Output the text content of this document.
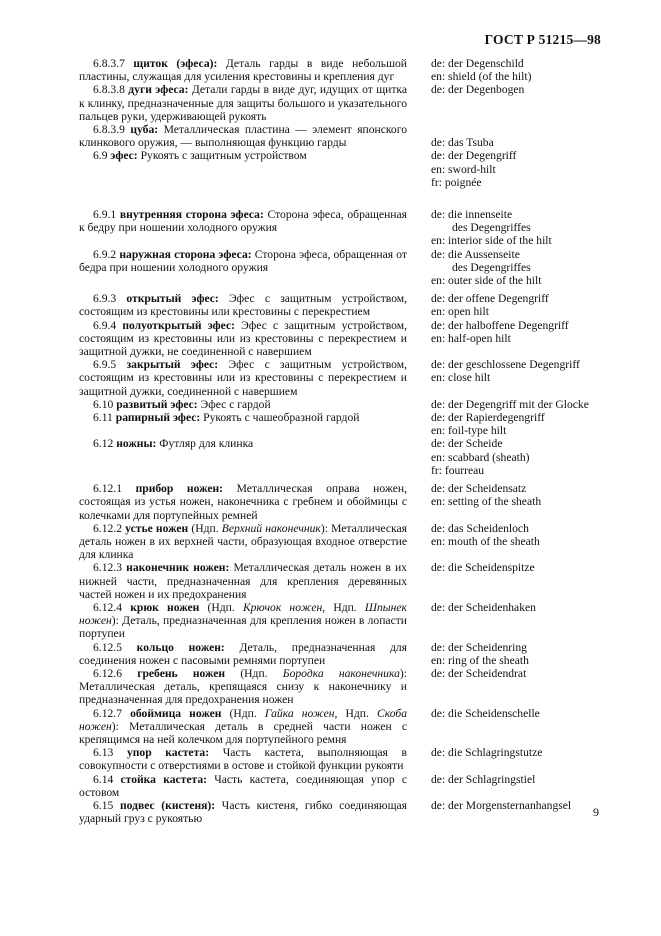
ГОСТ Р 51215—98

6.8.3.7 щиток (эфеса): Деталь гарды в виде небольшой пластины, служащая для усиления крестовины и крепления дуг

de: der Degenschild
en: shield (of the hilt)

6.8.3.8 дуги эфеса: Детали гарды в виде дуг, идущих от щитка к клинку, предназначенные для защиты большого и указательного пальцев руки, удерживающей рукоять

de: der Degenbogen

6.8.3.9 цуба: Металлическая пластина — элемент японского клинкового оружия, — выполняющая функцию гарды

	de: das Tsuba

6.9 эфес: Рукоять с защитным устройством	de: der Degengriff
en: sword-hilt
fr: poignée

6.9.1 внутренняя сторона эфеса: Сторона эфеса, обращенная к бедру при ношении холодного оружия

de: die innenseite
des Degengriffes
en: interior side of the hilt

6.9.2 наружная сторона эфеса: Сторона эфеса, обращенная от бедра при ношении холодного оружия

de: die Aussenseite
des Degengriffes
en: outer side of the hilt

6.9.3 открытый эфес: Эфес с защитным устройством, состоящим из крестовины или крестовины с перекрестием

de: der offene Degengriff
en: open hilt

6.9.4 полуоткрытый эфес: Эфес с защитным устройством, состоящим из крестовины или из крестовины с перекрестием и защитной дужки, не соединенной с навершием

de: der halboffene Degengriff
en: half-open hilt

6.9.5 закрытый эфес: Эфес с защитным устройством, состоящим из крестовины или из крестовины с перекрестием и защитной дужки, соединенной с навершием

de: der geschlossene Degengriff
en: close hilt

6.10 развитый эфес: Эфес с гардой	de: der Degengriff mit der Glocke

6.11 рапирный эфес: Рукоять с чашеобразной гардой	de: der Rapierdegengriff
en: foil-type hilt

6.12 ножны: Футляр для клинка	de: der Scheide
en: scabbard (sheath)
fr: fourreau

6.12.1 прибор ножен: Металлическая оправа ножен, состоящая из устья ножен, наконечника с гребнем и обоймицы с колечками для портупейных ремней

de: der Scheidensatz
en: setting of the sheath

6.12.2 устье ножен (Ндп. Верхний наконечник): Металлическая деталь ножен в их верхней части, образующая входное отверстие для клинка

de: das Scheidenloch
en: mouth of the sheath

6.12.3 наконечник ножен: Металлическая деталь ножен в их нижней части, предназначенная для крепления деревянных частей ножен и их предохранения

de: die Scheidenspitze

6.12.4 крюк ножен (Ндп. Крючок ножен, Ндп. Шпынек ножен): Деталь, предназначенная для крепления ножен в лопасти портупеи

de: der Scheidenhaken

6.12.5 кольцо ножен: Деталь, предназначенная для соединения ножен с пасовыми ремнями портупеи

de: der Scheidenring
en: ring of the sheath

6.12.6 гребень ножен (Ндп. Бородка наконечника): Металлическая деталь, крепящаяся снизу к наконечнику и предназначенная для предохранения ножен

de: der Scheidendrat

6.12.7 обоймица ножен (Ндп. Гайка ножен, Ндп. Скоба ножен): Металлическая деталь в средней части ножен с крепящимся на ней колечком для портупейного ремня

de: die Scheidenschelle

6.13 упор кастета: Часть кастета, выполняющая в совокупности с отверстиями в остове и стойкой функции рукояти

de: die Schlagringstutze

6.14 стойка кастета: Часть кастета, соединяющая упор с остовом

de: der Schlagringstiel

6.15 подвес (кистеня): Часть кистеня, гибко соединяющая ударный груз с рукоятью

de: der Morgensternanhangsel	9
